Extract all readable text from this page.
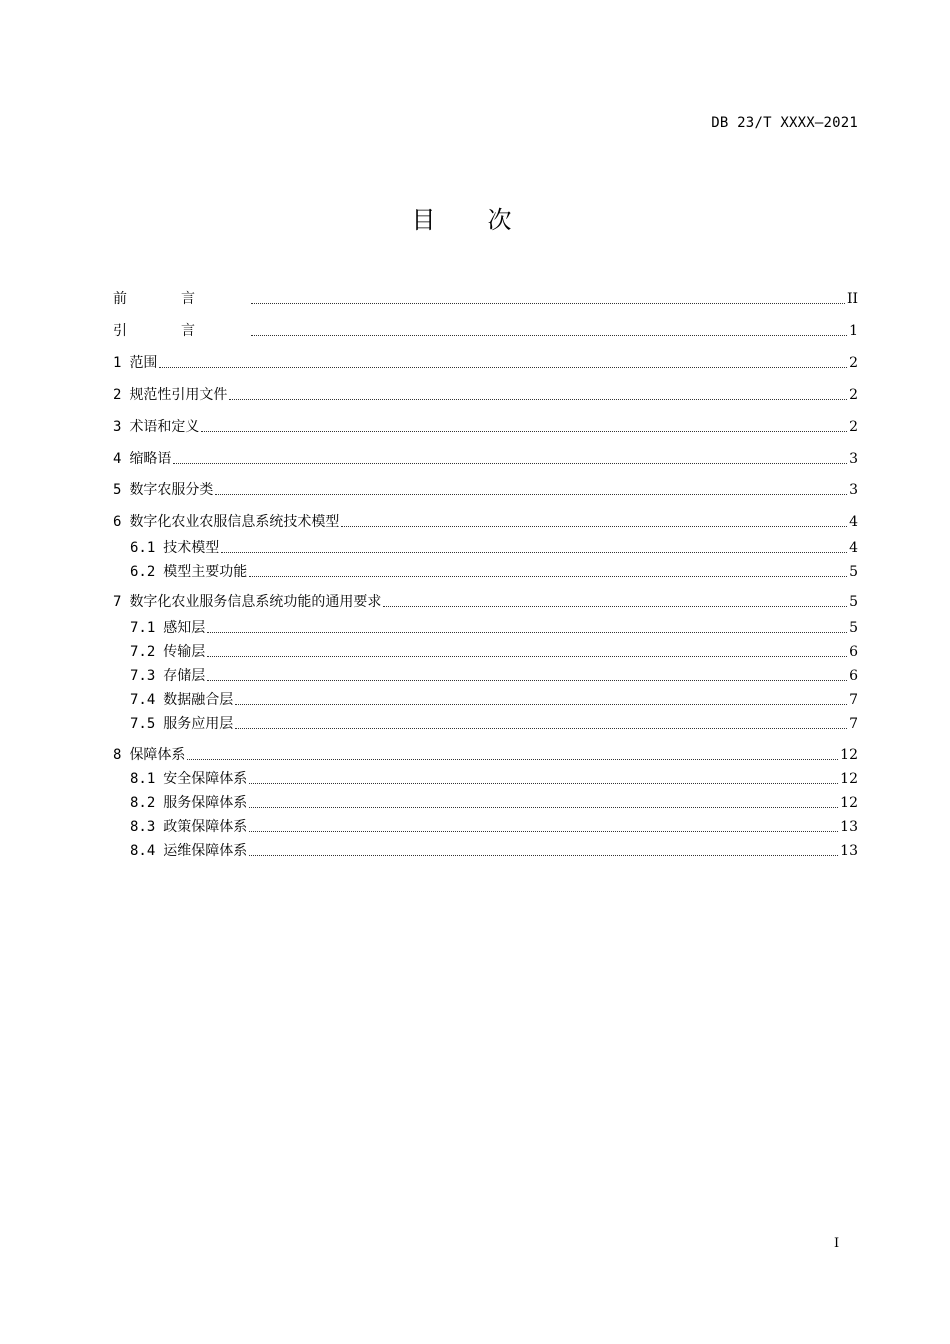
DB 23/T XXXX—2021
目次
前言	II
引言	1
1 范围	2
2 规范性引用文件	2
3 术语和定义	2
4 缩略语	3
5 数字农服分类	3
6 数字化农业农服信息系统技术模型	4
6.1 技术模型	4
6.2 模型主要功能	5
7 数字化农业服务信息系统功能的通用要求	5
7.1 感知层	5
7.2 传输层	6
7.3 存储层	6
7.4 数据融合层	7
7.5 服务应用层	7
8 保障体系	12
8.1 安全保障体系	12
8.2 服务保障体系	12
8.3 政策保障体系	13
8.4 运维保障体系	13
I
